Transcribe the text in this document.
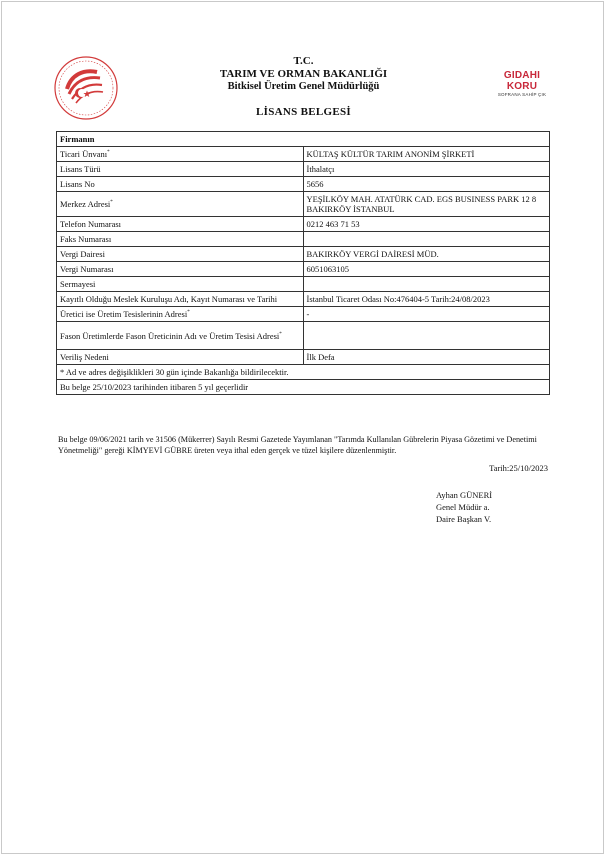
GIDAHI KORU
SOFRANA SAHİP ÇIK
T.C.
TARIM VE ORMAN BAKANLIĞI
Bitkisel Üretim Genel Müdürlüğü
LİSANS BELGESİ
Firmanın	
Ticari Ünvanı*	KÜLTAŞ KÜLTÜR TARIM ANONİM ŞİRKETİ
Lisans Türü	İthalatçı
Lisans No	5656
Merkez Adresi*	YEŞİLKÖY MAH. ATATÜRK CAD. EGS BUSINESS PARK 12 8 BAKIRKÖY İSTANBUL
Telefon Numarası	0212 463 71 53
Faks Numarası	
Vergi Dairesi	BAKIRKÖY VERGİ DAİRESİ MÜD.
Vergi Numarası	6051063105
Sermayesi	
Kayıtlı Olduğu Meslek Kuruluşu Adı, Kayıt Numarası ve Tarihi	İstanbul Ticaret Odası No:476404-5 Tarih:24/08/2023
Üretici ise Üretim Tesislerinin Adresi*	-
Fason Üretimlerde Fason Üreticinin Adı ve Üretim Tesisi Adresi*	
Veriliş Nedeni	İlk Defa
* Ad ve adres değişiklikleri 30 gün içinde Bakanlığa bildirilecektir.	
Bu belge 25/10/2023 tarihinden itibaren 5 yıl geçerlidir	
Bu belge 09/06/2021 tarih ve 31506 (Mükerrer) Sayılı Resmi Gazetede Yayımlanan "Tarımda Kullanılan Gübrelerin Piyasa Gözetimi ve Denetimi Yönetmeliği" gereği KİMYEVİ GÜBRE üreten veya ithal eden gerçek ve tüzel kişilere düzenlenmiştir.
Tarih:25/10/2023
Ayhan GÜNERİ
Genel Müdür a.
Daire Başkan V.
